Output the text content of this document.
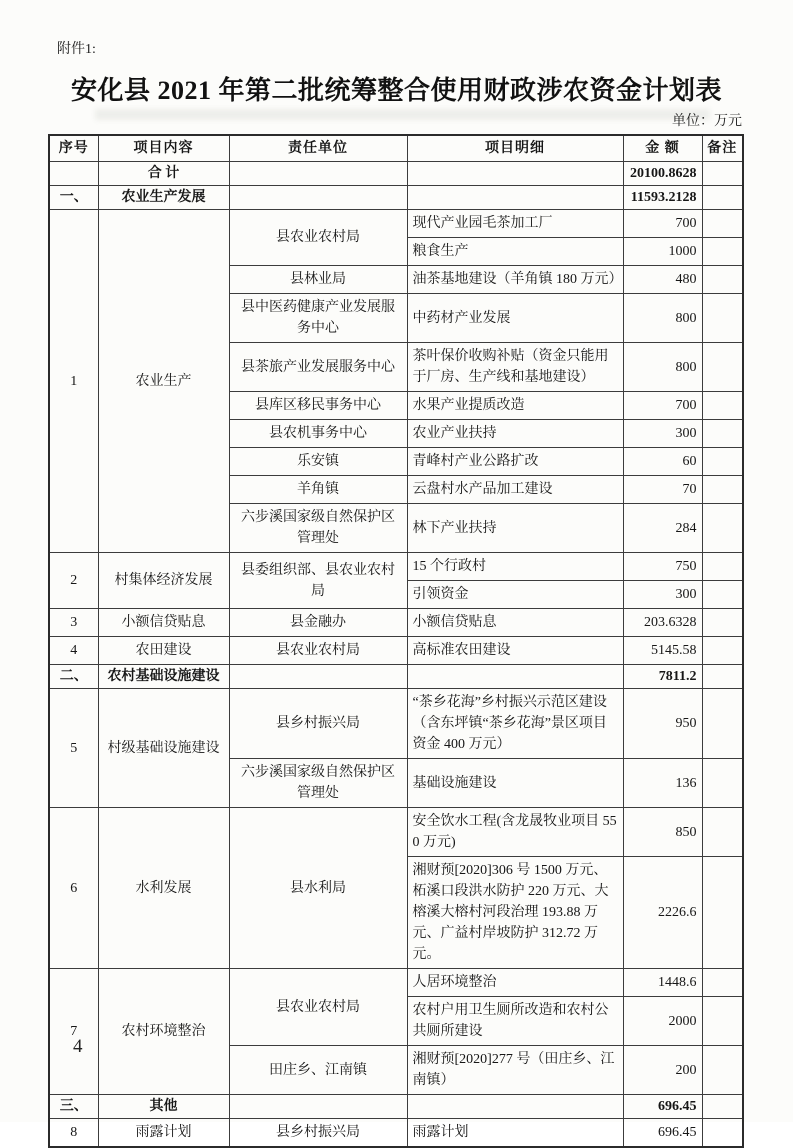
附件1:
安化县 2021 年第二批统筹整合使用财政涉农资金计划表
单位：万元
序号	项目内容	责任单位	项目明细	金 额	备注
	合 计			20100.8628	
一、	农业生产发展			11593.2128	
1	农业生产	县农业农村局	现代产业园毛茶加工厂	700	
			粮食生产	1000	
		县林业局	油茶基地建设（羊角镇 180 万元）	480	
		县中医药健康产业发展服务中心	中药材产业发展	800	
		县茶旅产业发展服务中心	茶叶保价收购补贴（资金只能用于厂房、生产线和基地建设）	800	
		县库区移民事务中心	水果产业提质改造	700	
		县农机事务中心	农业产业扶持	300	
		乐安镇	青峰村产业公路扩改	60	
		羊角镇	云盘村水产品加工建设	70	
		六步溪国家级自然保护区管理处	林下产业扶持	284	
2	村集体经济发展	县委组织部、县农业农村局	15 个行政村	750	
			引领资金	300	
3	小额信贷贴息	县金融办	小额信贷贴息	203.6328	
4	农田建设	县农业农村局	高标准农田建设	5145.58	
二、	农村基础设施建设			7811.2	
5	村级基础设施建设	县乡村振兴局	“茶乡花海”乡村振兴示范区建设（含东坪镇“茶乡花海”景区项目资金 400 万元）	950	
		六步溪国家级自然保护区管理处	基础设施建设	136	
6	水利发展	县水利局	安全饮水工程(含龙晟牧业项目 550 万元)	850	
			湘财预[2020]306 号 1500 万元、柘溪口段洪水防护 220 万元、大榕溪大榕村河段治理 193.88 万元、广益村岸坡防护 312.72 万元。	2226.6	
7	农村环境整治	县农业农村局	人居环境整治	1448.6	
			农村户用卫生厕所改造和农村公共厕所建设	2000	
		田庄乡、江南镇	湘财预[2020]277 号（田庄乡、江南镇）	200	
三、	其他			696.45	
8	雨露计划	县乡村振兴局	雨露计划	696.45	
4
